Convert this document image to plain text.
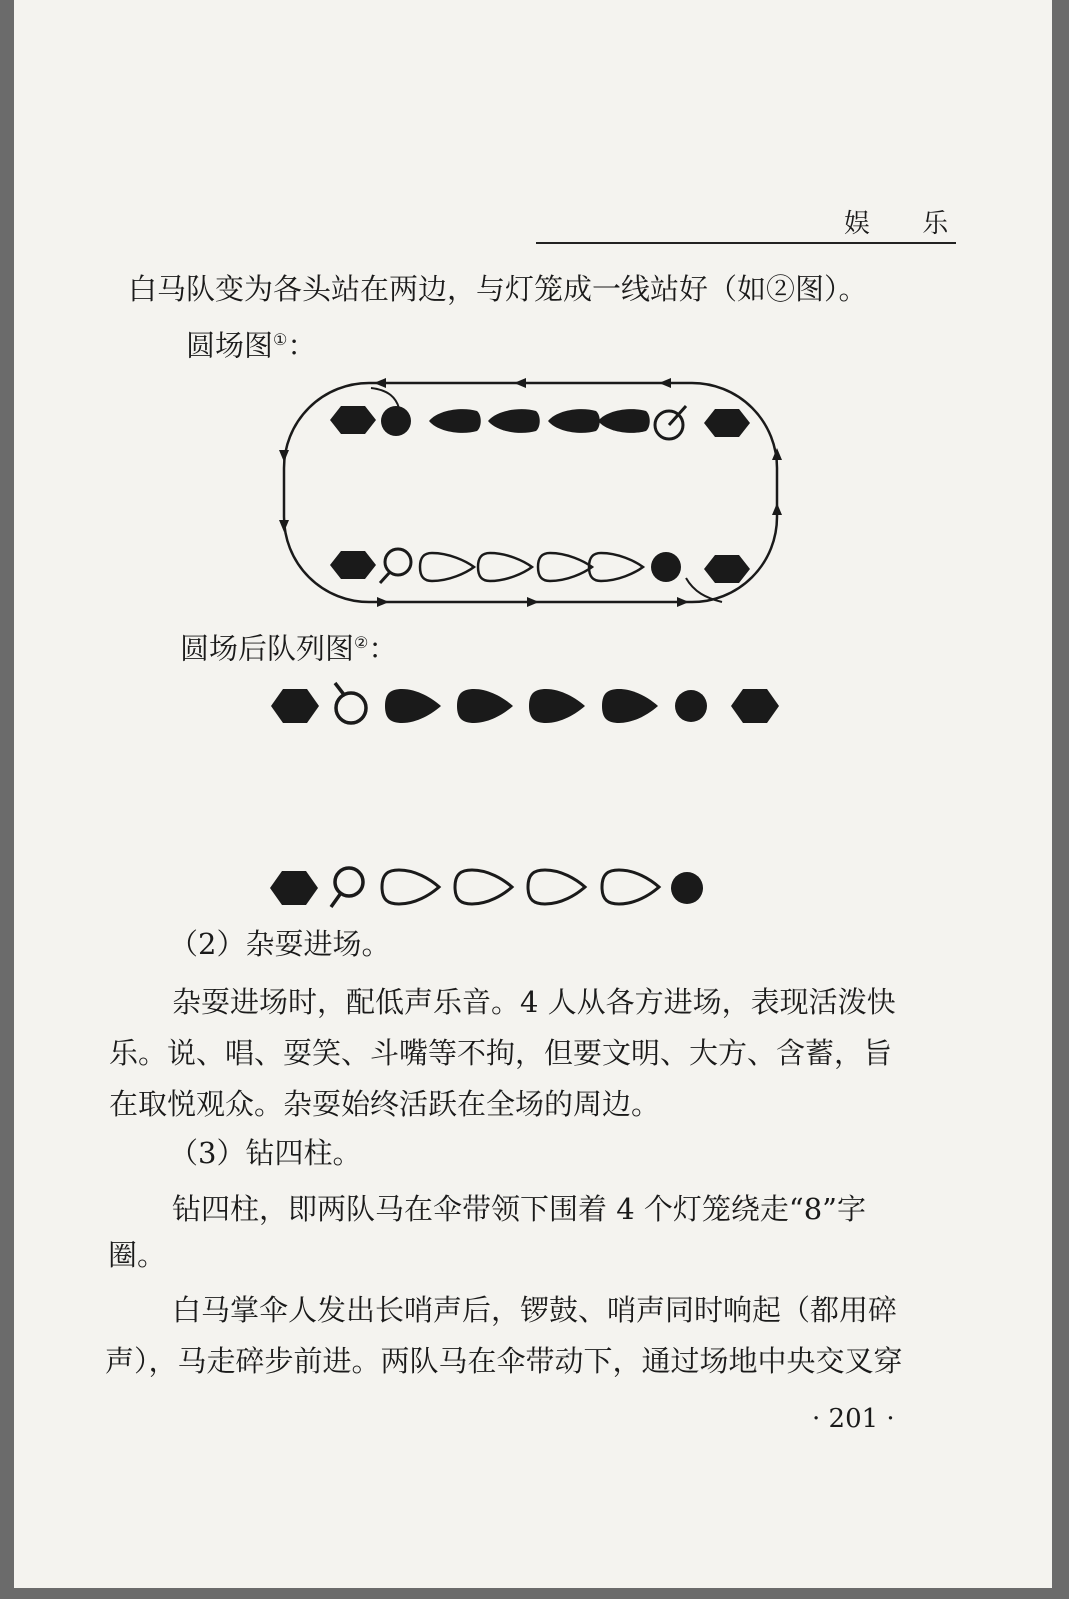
娱 乐
白马队变为各头站在两边，与灯笼成一线站好（如②图）。
圆场图①：
圆场后队列图②：
（2）杂耍进场。
杂耍进场时，配低声乐音。4 人从各方进场，表现活泼快
乐。说、唱、耍笑、斗嘴等不拘，但要文明、大方、含蓄，旨
在取悦观众。杂耍始终活跃在全场的周边。
（3）钻四柱。
钻四柱，即两队马在伞带领下围着 4 个灯笼绕走“8”字
圈。
白马掌伞人发出长哨声后，锣鼓、哨声同时响起（都用碎
声），马走碎步前进。两队马在伞带动下，通过场地中央交叉穿
· 201 ·
